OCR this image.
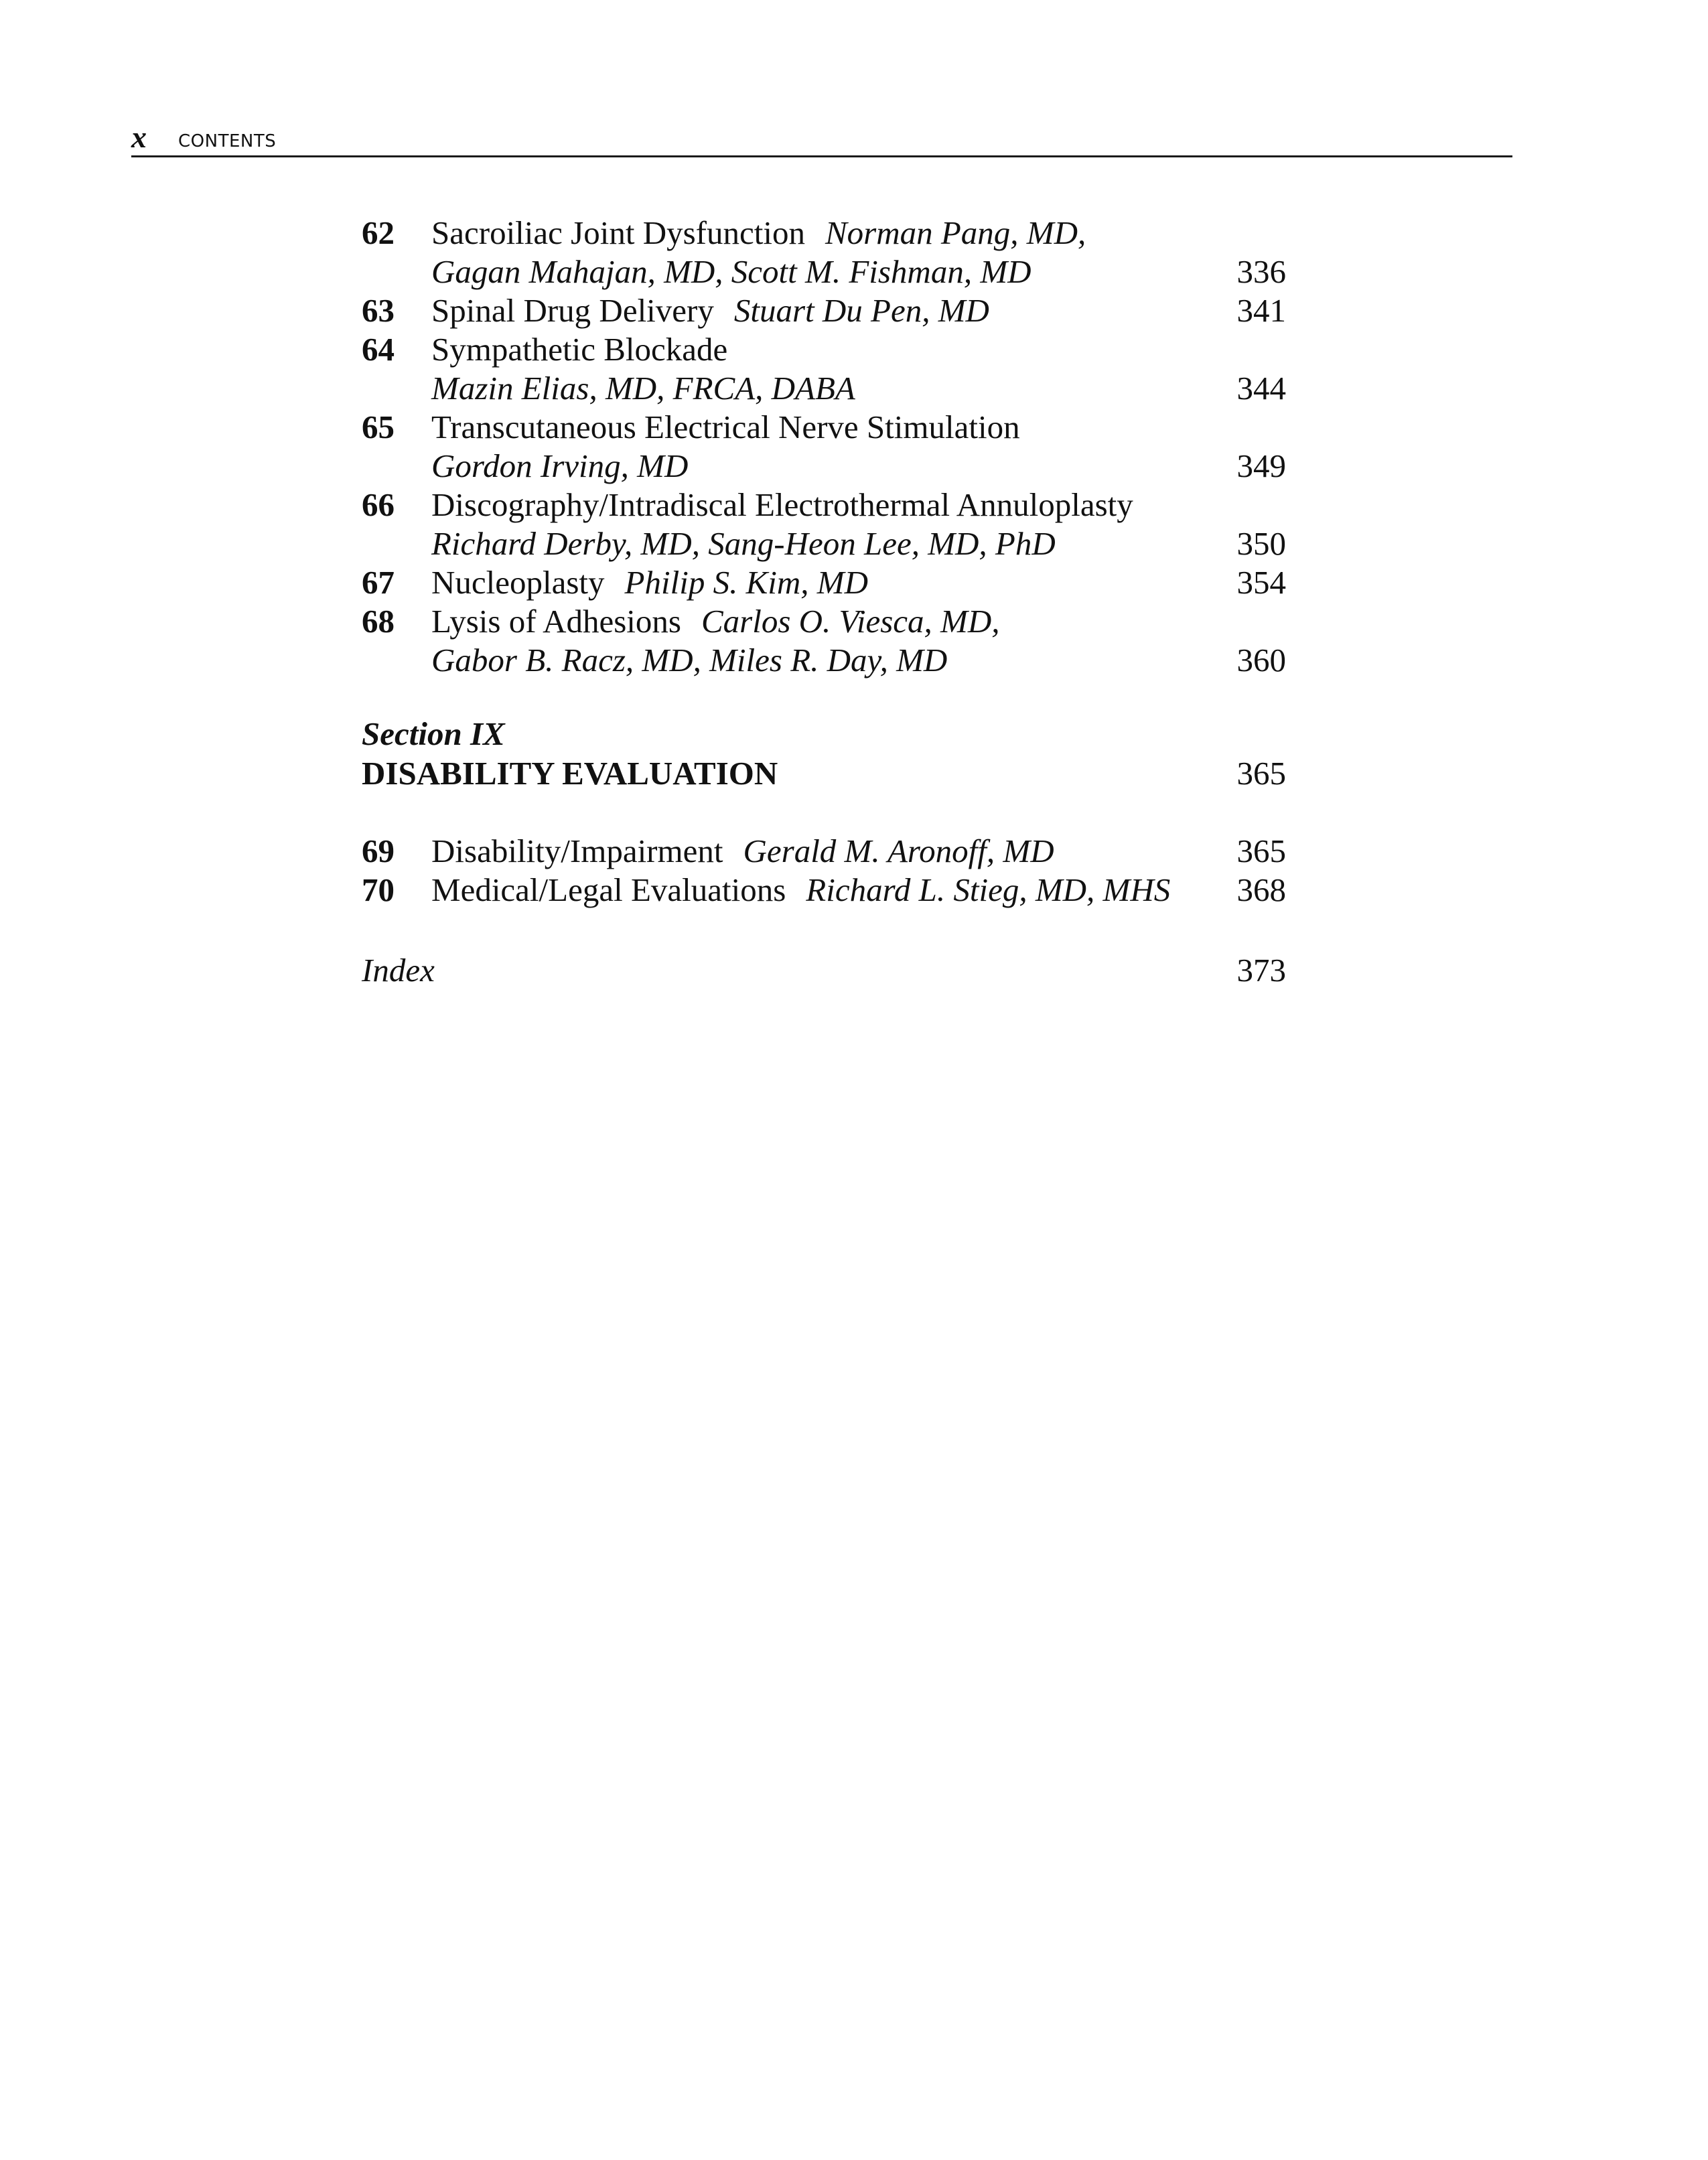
x CONTENTS
62 Sacroiliac Joint Dysfunction Norman Pang, MD,
Gagan Mahajan, MD, Scott M. Fishman, MD	336
63 Spinal Drug Delivery Stuart Du Pen, MD	341
64 Sympathetic Blockade
Mazin Elias, MD, FRCA, DABA	344
65 Transcutaneous Electrical Nerve Stimulation
Gordon Irving, MD	349
66 Discography/Intradiscal Electrothermal Annuloplasty
Richard Derby, MD, Sang-Heon Lee, MD, PhD	350
67 Nucleoplasty Philip S. Kim, MD	354
68 Lysis of Adhesions Carlos O. Viesca, MD,
Gabor B. Racz, MD, Miles R. Day, MD	360
Section IX
DISABILITY EVALUATION	365
69 Disability/Impairment Gerald M. Aronoff, MD	365
70 Medical/Legal Evaluations Richard L. Stieg, MD, MHS 368
Index	373
